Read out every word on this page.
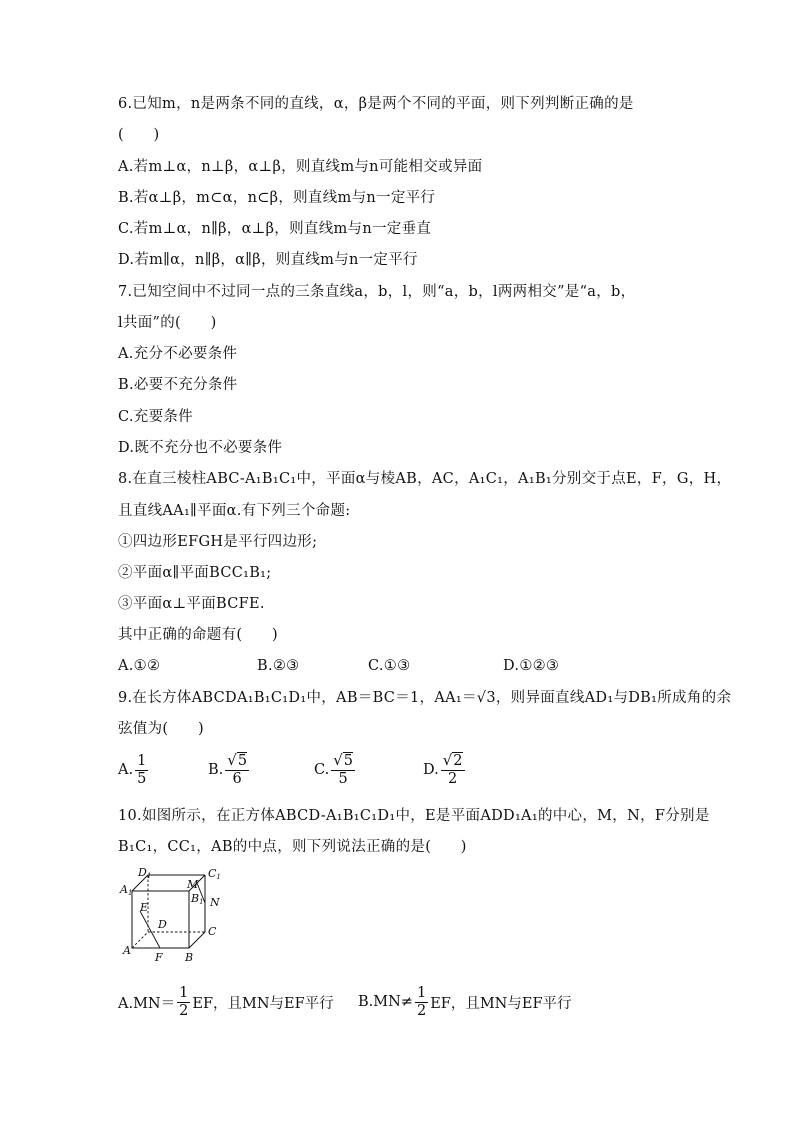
6.已知m，n是两条不同的直线，α，β是两个不同的平面，则下列判断正确的是
(　　)
A.若m⊥α，n⊥β，α⊥β，则直线m与n可能相交或异面
B.若α⊥β，m⊂α，n⊂β，则直线m与n一定平行
C.若m⊥α，n∥β，α⊥β，则直线m与n一定垂直
D.若m∥α，n∥β，α∥β，则直线m与n一定平行
7.已知空间中不过同一点的三条直线a，b，l，则“a，b，l两两相交”是“a，b，
l共面”的(　　)
A.充分不必要条件
B.必要不充分条件
C.充要条件
D.既不充分也不必要条件
8.在直三棱柱ABC-A₁B₁C₁中，平面α与棱AB，AC，A₁C₁，A₁B₁分别交于点E，F，G，H，
且直线AA₁∥平面α.有下列三个命题:
①四边形EFGH是平行四边形;
②平面α∥平面BCC₁B₁;
③平面α⊥平面BCFE.
其中正确的命题有(　　)
A.①②	B.②③	C.①③	D.①②③
9.在长方体ABCDA₁B₁C₁D₁中，AB＝BC＝1，AA₁＝√3，则异面直线AD₁与DB₁所成角的余
弦值为(　　)
A. $\frac{1}{5}$	B. $\frac{√5}{6}$	C. $\frac{√5}{5}$	D. $\frac{√2}{2}$
10.如图所示，在正方体ABCD-A₁B₁C₁D₁中，E是平面ADD₁A₁的中心，M，N，F分别是
B₁C₁，CC₁，AB的中点，则下列说法正确的是(　　)
D1	C1
A1	B1
M
N
E
D
C
A
F B
$A.MN= \frac{1}{2}$ EF，且MN与EF平行 $B.MN\ne \frac{1}{2}$ EF，且MN与EF平行
